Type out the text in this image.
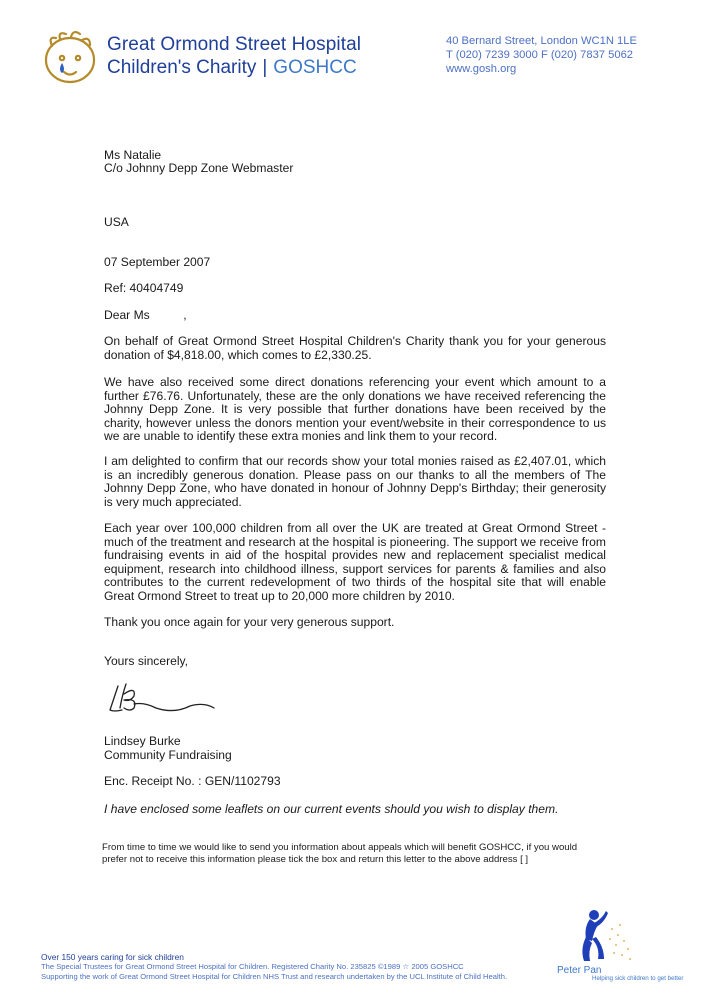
Great Ormond Street Hospital
Children's Charity | GOSHCC
40 Bernard Street, London WC1N 1LE
T (020) 7239 3000 F (020) 7837 5062
www.gosh.org
Ms Natalie
C/o Johnny Depp Zone Webmaster
USA
07 September 2007
Ref: 40404749
Dear Ms          ,
On behalf of Great Ormond Street Hospital Children's Charity thank you for your generous donation of $4,818.00, which comes to £2,330.25.
We have also received some direct donations referencing your event which amount to a further £76.76. Unfortunately, these are the only donations we have received referencing the Johnny Depp Zone. It is very possible that further donations have been received by the charity, however unless the donors mention your event/website in their correspondence to us we are unable to identify these extra monies and link them to your record.
I am delighted to confirm that our records show your total monies raised as £2,407.01, which is an incredibly generous donation. Please pass on our thanks to all the members of The Johnny Depp Zone, who have donated in honour of Johnny Depp's Birthday; their generosity is very much appreciated.
Each year over 100,000 children from all over the UK are treated at Great Ormond Street - much of the treatment and research at the hospital is pioneering. The support we receive from fundraising events in aid of the hospital provides new and replacement specialist medical equipment, research into childhood illness, support services for parents & families and also contributes to the current redevelopment of two thirds of the hospital site that will enable Great Ormond Street to treat up to 20,000 more children by 2010.
Thank you once again for your very generous support.
Yours sincerely,
Lindsey Burke
Community Fundraising
Enc. Receipt No. : GEN/1102793
I have enclosed some leaflets on our current events should you wish to display them.
From time to time we would like to send you information about appeals which will benefit GOSHCC, if you would prefer not to receive this information please tick the box and return this letter to the above address [ ]
Over 150 years caring for sick children
The Special Trustees for Great Ormond Street Hospital for Children. Registered Charity No. 235825 ©1989 ☆ 2005 GOSHCC
Supporting the work of Great Ormond Street Hospital for Children NHS Trust and research undertaken by the UCL Institute of Child Health.
Peter Pan
Helping sick children to get better
